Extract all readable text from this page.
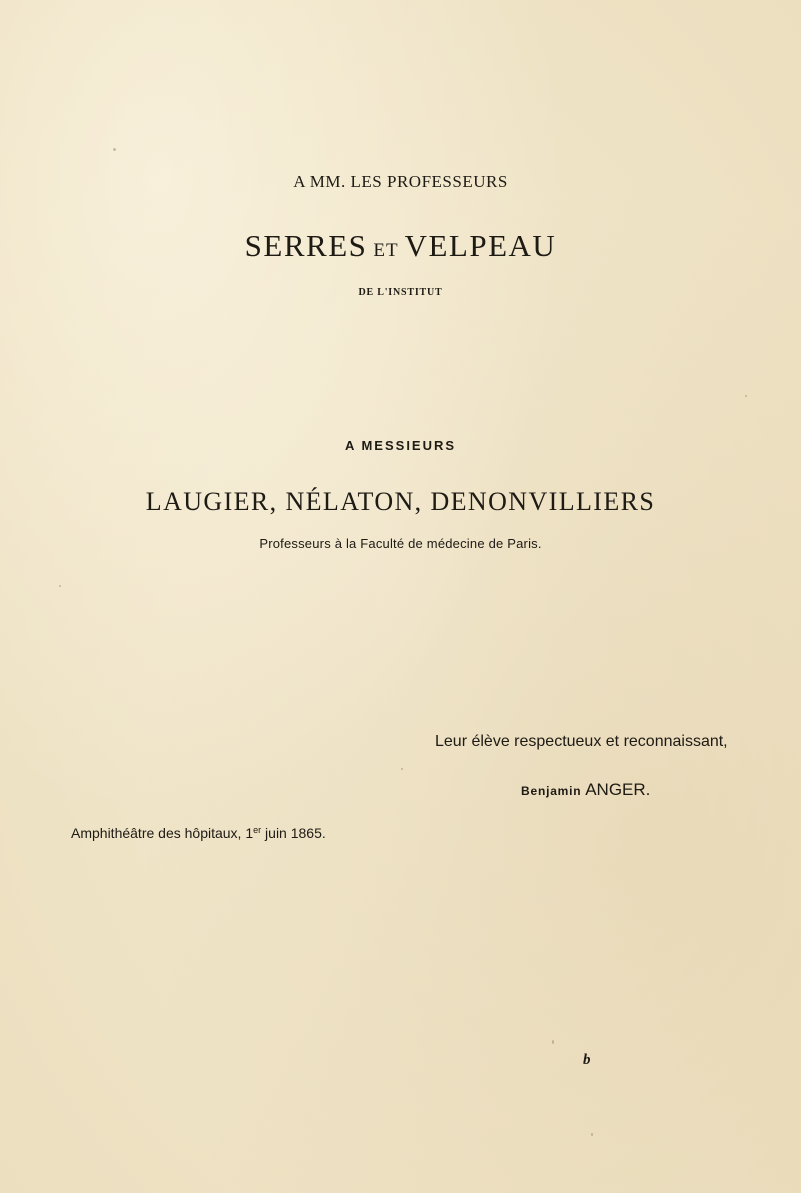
A MM. LES PROFESSEURS

SERRES ET VELPEAU

DE L'INSTITUT

A MESSIEURS

LAUGIER, NÉLATON, DENONVILLIERS

Professeurs à la Faculté de médecine de Paris.

Leur élève respectueux et reconnaissant,

Benjamin ANGER.

Amphithéâtre des hôpitaux, 1er juin 1865.

b
